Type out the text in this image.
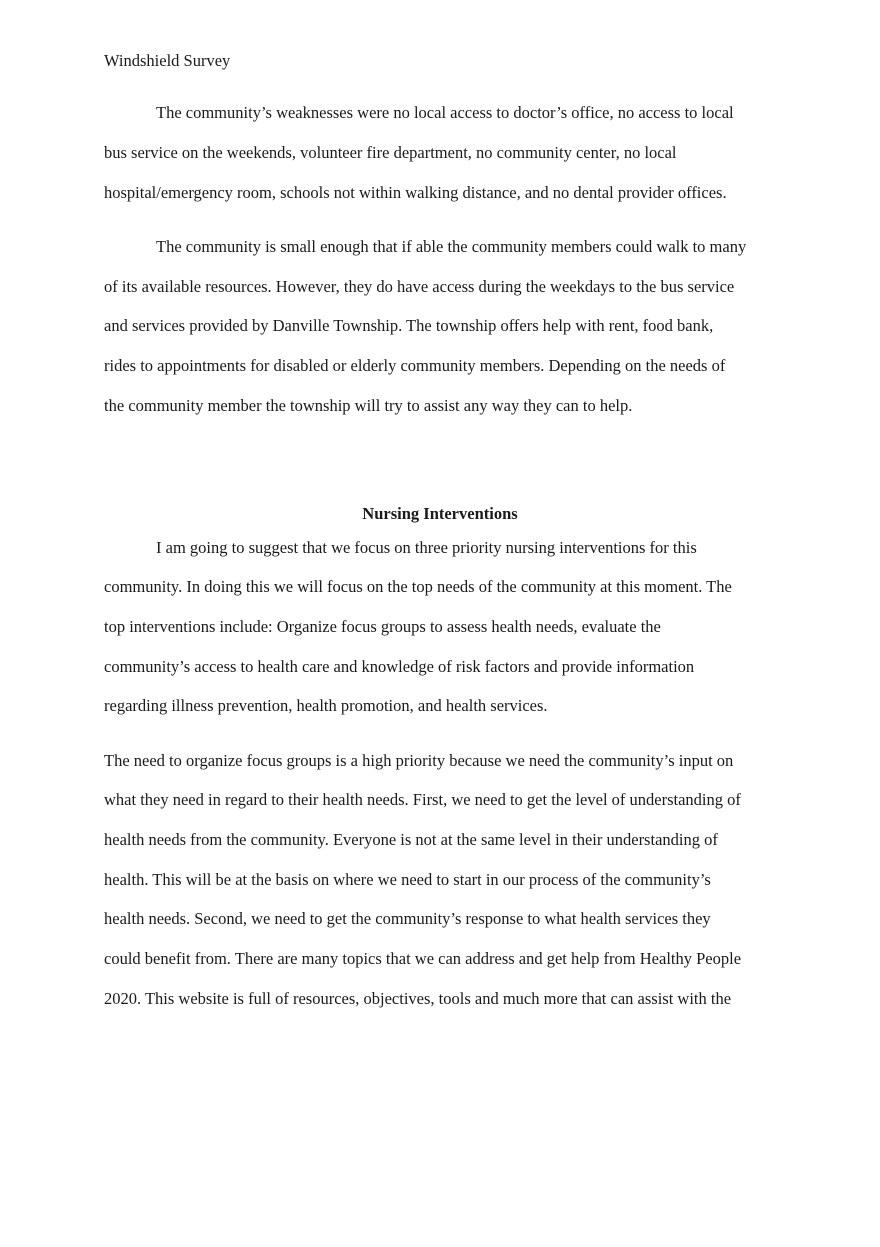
Windshield Survey
The community’s weaknesses were no local access to doctor’s office, no access to local
bus service on the weekends, volunteer fire department, no community center, no local
hospital/emergency room, schools not within walking distance, and no dental provider offices.
The community is small enough that if able the community members could walk to many
of its available resources. However, they do have access during the weekdays to the bus service
and services provided by Danville Township. The township offers help with rent, food bank,
rides to appointments for disabled or elderly community members. Depending on the needs of
the community member the township will try to assist any way they can to help.
Nursing Interventions
I am going to suggest that we focus on three priority nursing interventions for this
community. In doing this we will focus on the top needs of the community at this moment. The
top interventions include: Organize focus groups to assess health needs, evaluate the
community’s access to health care and knowledge of risk factors and provide information
regarding illness prevention, health promotion, and health services.
The need to organize focus groups is a high priority because we need the community’s input on
what they need in regard to their health needs. First, we need to get the level of understanding of
health needs from the community. Everyone is not at the same level in their understanding of
health. This will be at the basis on where we need to start in our process of the community’s
health needs. Second, we need to get the community’s response to what health services they
could benefit from. There are many topics that we can address and get help from Healthy People
2020. This website is full of resources, objectives, tools and much more that can assist with the
